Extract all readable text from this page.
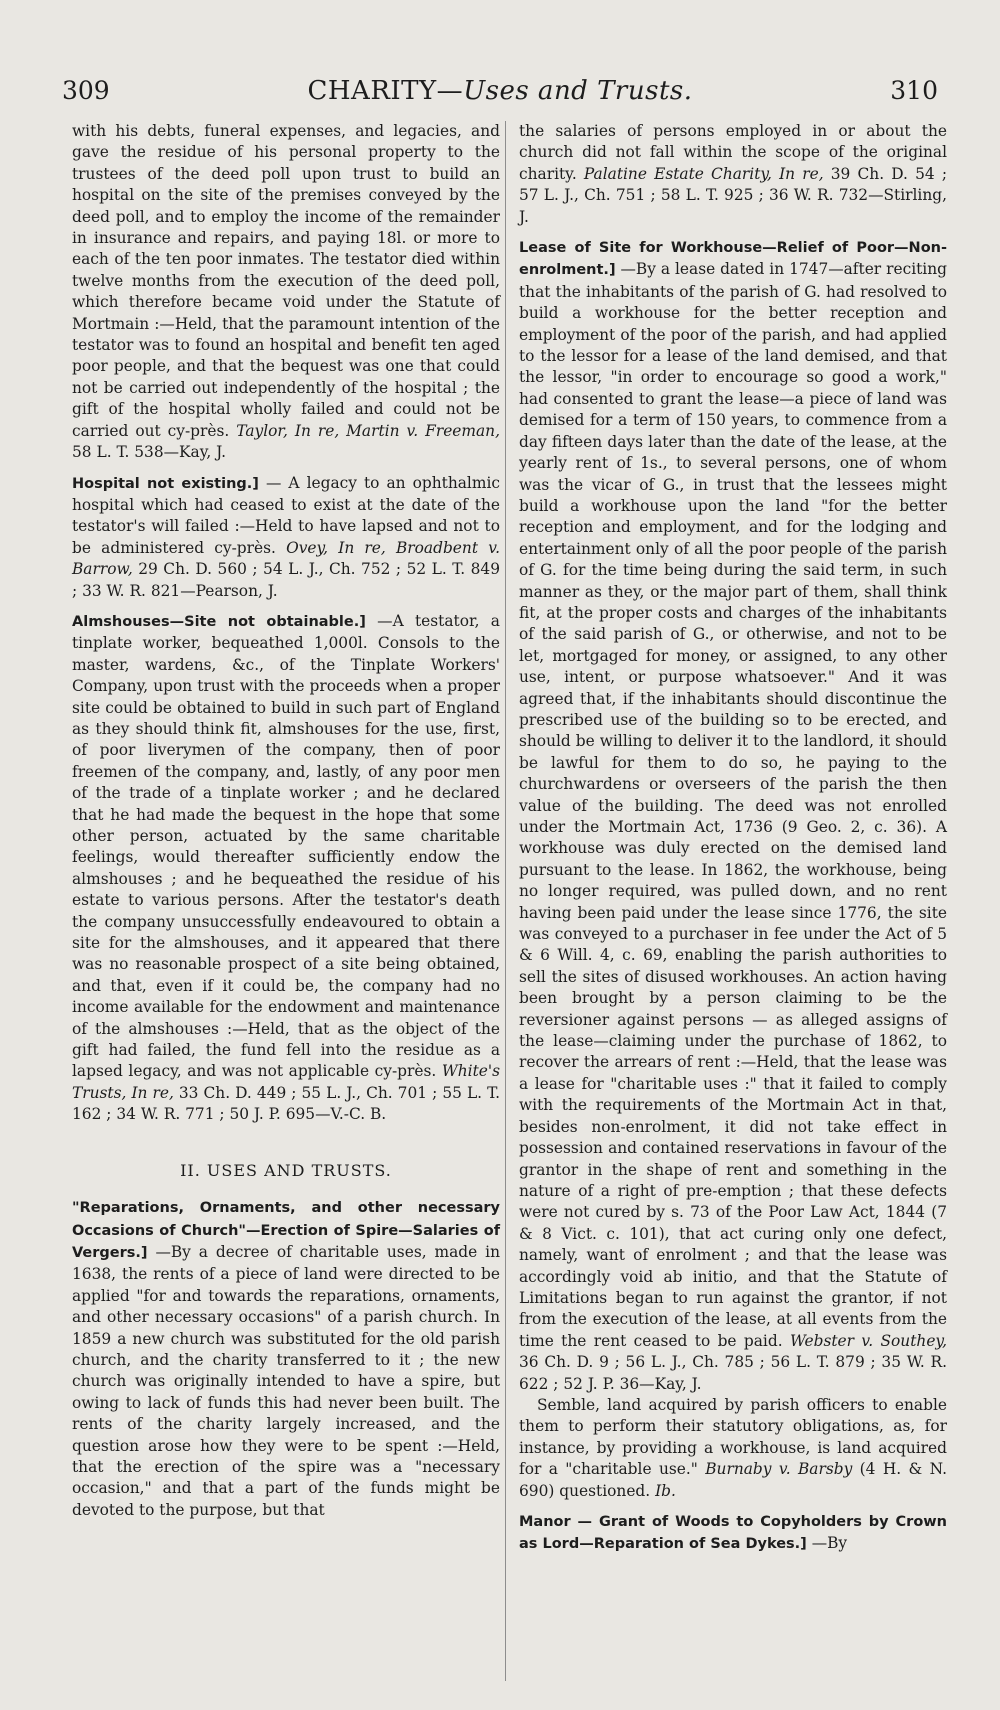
309	CHARITY—Uses and Trusts.	310

with his debts, funeral expenses, and legacies, and gave the residue of his personal property to the trustees of the deed poll upon trust to build an hospital on the site of the premises conveyed by the deed poll, and to employ the income of the remainder in insurance and repairs, and paying 18l. or more to each of the ten poor inmates. The testator died within twelve months from the execution of the deed poll, which therefore became void under the Statute of Mortmain :—Held, that the paramount intention of the testator was to found an hospital and benefit ten aged poor people, and that the bequest was one that could not be carried out independently of the hospital ; the gift of the hospital wholly failed and could not be carried out cy-près. Taylor, In re, Martin v. Freeman, 58 L. T. 538—Kay, J.

Hospital not existing.] — A legacy to an ophthalmic hospital which had ceased to exist at the date of the testator's will failed :—Held to have lapsed and not to be administered cy-près. Ovey, In re, Broadbent v. Barrow, 29 Ch. D. 560 ; 54 L. J., Ch. 752 ; 52 L. T. 849 ; 33 W. R. 821—Pearson, J.

Almshouses—Site not obtainable.] —A testator, a tinplate worker, bequeathed 1,000l. Consols to the master, wardens, &c., of the Tinplate Workers' Company, upon trust with the proceeds when a proper site could be obtained to build in such part of England as they should think fit, almshouses for the use, first, of poor liverymen of the company, then of poor freemen of the company, and, lastly, of any poor men of the trade of a tinplate worker ; and he declared that he had made the bequest in the hope that some other person, actuated by the same charitable feelings, would thereafter sufficiently endow the almshouses ; and he bequeathed the residue of his estate to various persons. After the testator's death the company unsuccessfully endeavoured to obtain a site for the almshouses, and it appeared that there was no reasonable prospect of a site being obtained, and that, even if it could be, the company had no income available for the endowment and maintenance of the almshouses :—Held, that as the object of the gift had failed, the fund fell into the residue as a lapsed legacy, and was not applicable cy-près. White's Trusts, In re, 33 Ch. D. 449 ; 55 L. J., Ch. 701 ; 55 L. T. 162 ; 34 W. R. 771 ; 50 J. P. 695—V.-C. B.

II. USES AND TRUSTS.

"Reparations, Ornaments, and other necessary Occasions of Church"—Erection of Spire—Salaries of Vergers.] —By a decree of charitable uses, made in 1638, the rents of a piece of land were directed to be applied "for and towards the reparations, ornaments, and other necessary occasions" of a parish church. In 1859 a new church was substituted for the old parish church, and the charity transferred to it ; the new church was originally intended to have a spire, but owing to lack of funds this had never been built. The rents of the charity largely increased, and the question arose how they were to be spent :—Held, that the erection of the spire was a "necessary occasion," and that a part of the funds might be devoted to the purpose, but that

the salaries of persons employed in or about the church did not fall within the scope of the original charity. Palatine Estate Charity, In re, 39 Ch. D. 54 ; 57 L. J., Ch. 751 ; 58 L. T. 925 ; 36 W. R. 732—Stirling, J.

Lease of Site for Workhouse—Relief of Poor—Non-enrolment.] —By a lease dated in 1747—after reciting that the inhabitants of the parish of G. had resolved to build a workhouse for the better reception and employment of the poor of the parish, and had applied to the lessor for a lease of the land demised, and that the lessor, "in order to encourage so good a work," had consented to grant the lease—a piece of land was demised for a term of 150 years, to commence from a day fifteen days later than the date of the lease, at the yearly rent of 1s., to several persons, one of whom was the vicar of G., in trust that the lessees might build a workhouse upon the land "for the better reception and employment, and for the lodging and entertainment only of all the poor people of the parish of G. for the time being during the said term, in such manner as they, or the major part of them, shall think fit, at the proper costs and charges of the inhabitants of the said parish of G., or otherwise, and not to be let, mortgaged for money, or assigned, to any other use, intent, or purpose whatsoever." And it was agreed that, if the inhabitants should discontinue the prescribed use of the building so to be erected, and should be willing to deliver it to the landlord, it should be lawful for them to do so, he paying to the churchwardens or overseers of the parish the then value of the building. The deed was not enrolled under the Mortmain Act, 1736 (9 Geo. 2, c. 36). A workhouse was duly erected on the demised land pursuant to the lease. In 1862, the workhouse, being no longer required, was pulled down, and no rent having been paid under the lease since 1776, the site was conveyed to a purchaser in fee under the Act of 5 & 6 Will. 4, c. 69, enabling the parish authorities to sell the sites of disused workhouses. An action having been brought by a person claiming to be the reversioner against persons — as alleged assigns of the lease—claiming under the purchase of 1862, to recover the arrears of rent :—Held, that the lease was a lease for "charitable uses :" that it failed to comply with the requirements of the Mortmain Act in that, besides non-enrolment, it did not take effect in possession and contained reservations in favour of the grantor in the shape of rent and something in the nature of a right of pre-emption ; that these defects were not cured by s. 73 of the Poor Law Act, 1844 (7 & 8 Vict. c. 101), that act curing only one defect, namely, want of enrolment ; and that the lease was accordingly void ab initio, and that the Statute of Limitations began to run against the grantor, if not from the execution of the lease, at all events from the time the rent ceased to be paid. Webster v. Southey, 36 Ch. D. 9 ; 56 L. J., Ch. 785 ; 56 L. T. 879 ; 35 W. R. 622 ; 52 J. P. 36—Kay, J.

Semble, land acquired by parish officers to enable them to perform their statutory obligations, as, for instance, by providing a workhouse, is land acquired for a "charitable use." Burnaby v. Barsby (4 H. & N. 690) questioned. Ib.

Manor — Grant of Woods to Copyholders by Crown as Lord—Reparation of Sea Dykes.] —By
